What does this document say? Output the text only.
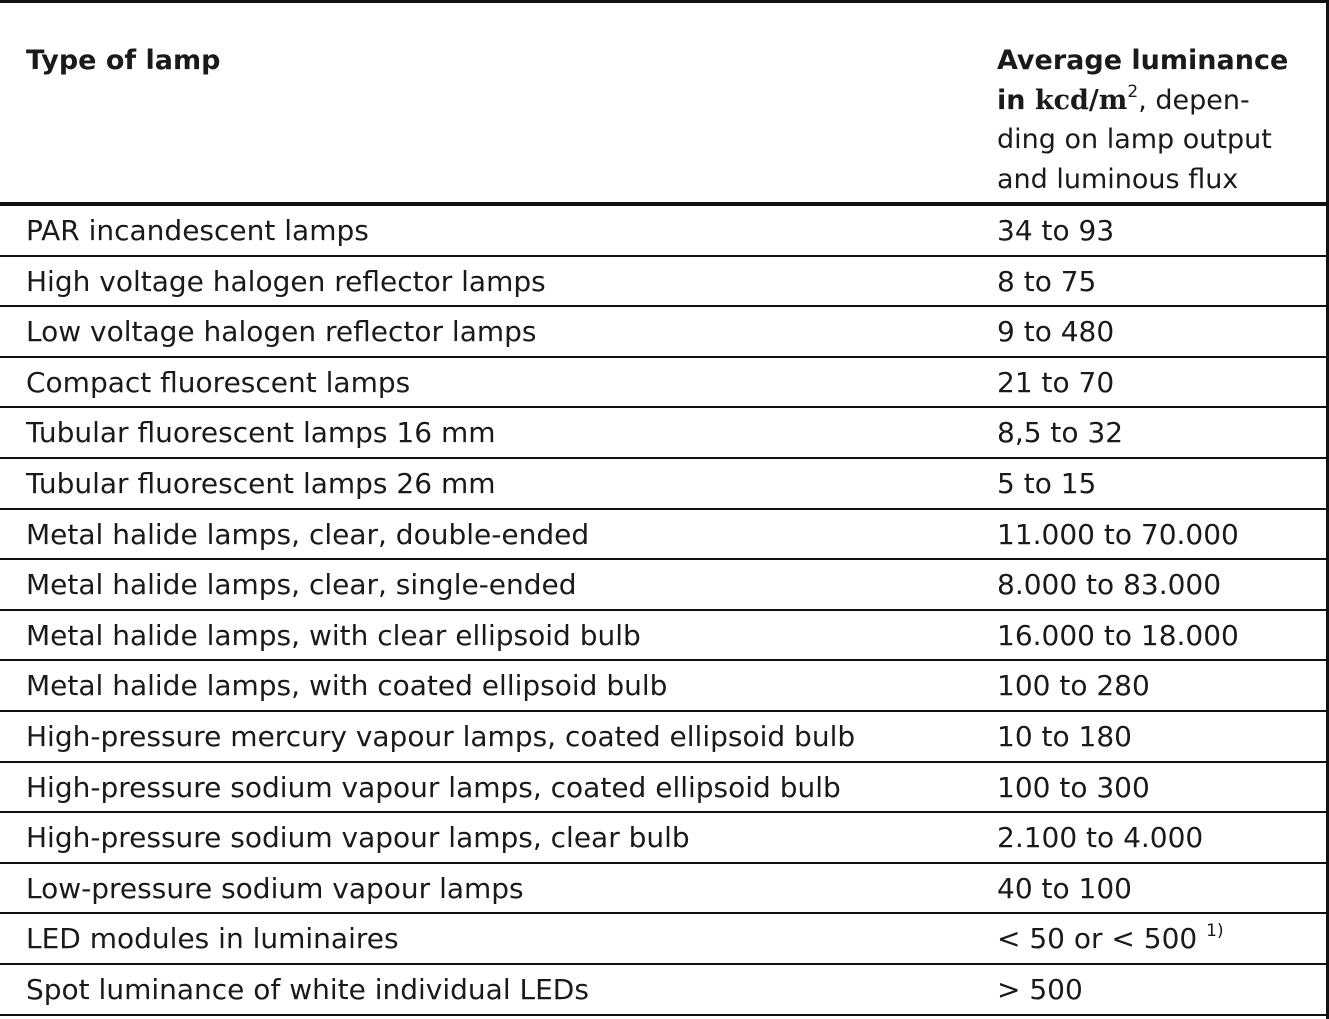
Type of lamp	Average luminance
in kcd/$m^2$, depen-
ding on lamp output
and luminous flux
PAR incandescent lamps	34 to 93
High voltage halogen reflector lamps	8 to 75
Low voltage halogen reflector lamps	9 to 480
Compact fluorescent lamps	21 to 70
Tubular fluorescent lamps 16 mm	8,5 to 32
Tubular fluorescent lamps 26 mm	5 to 15
Metal halide lamps, clear, double-ended	11.000 to 70.000
Metal halide lamps, clear, single-ended	8.000 to 83.000
Metal halide lamps, with clear ellipsoid bulb	16.000 to 18.000
Metal halide lamps, with coated ellipsoid bulb	100 to 280
High-pressure mercury vapour lamps, coated ellipsoid bulb	10 to 180
High-pressure sodium vapour lamps, coated ellipsoid bulb	100 to 300
High-pressure sodium vapour lamps, clear bulb	2.100 to 4.000
Low-pressure sodium vapour lamps	40 to 100
LED modules in luminaires	< 50 or < 500 $^{1)}$
Spot luminance of white individual LEDs	> 500
